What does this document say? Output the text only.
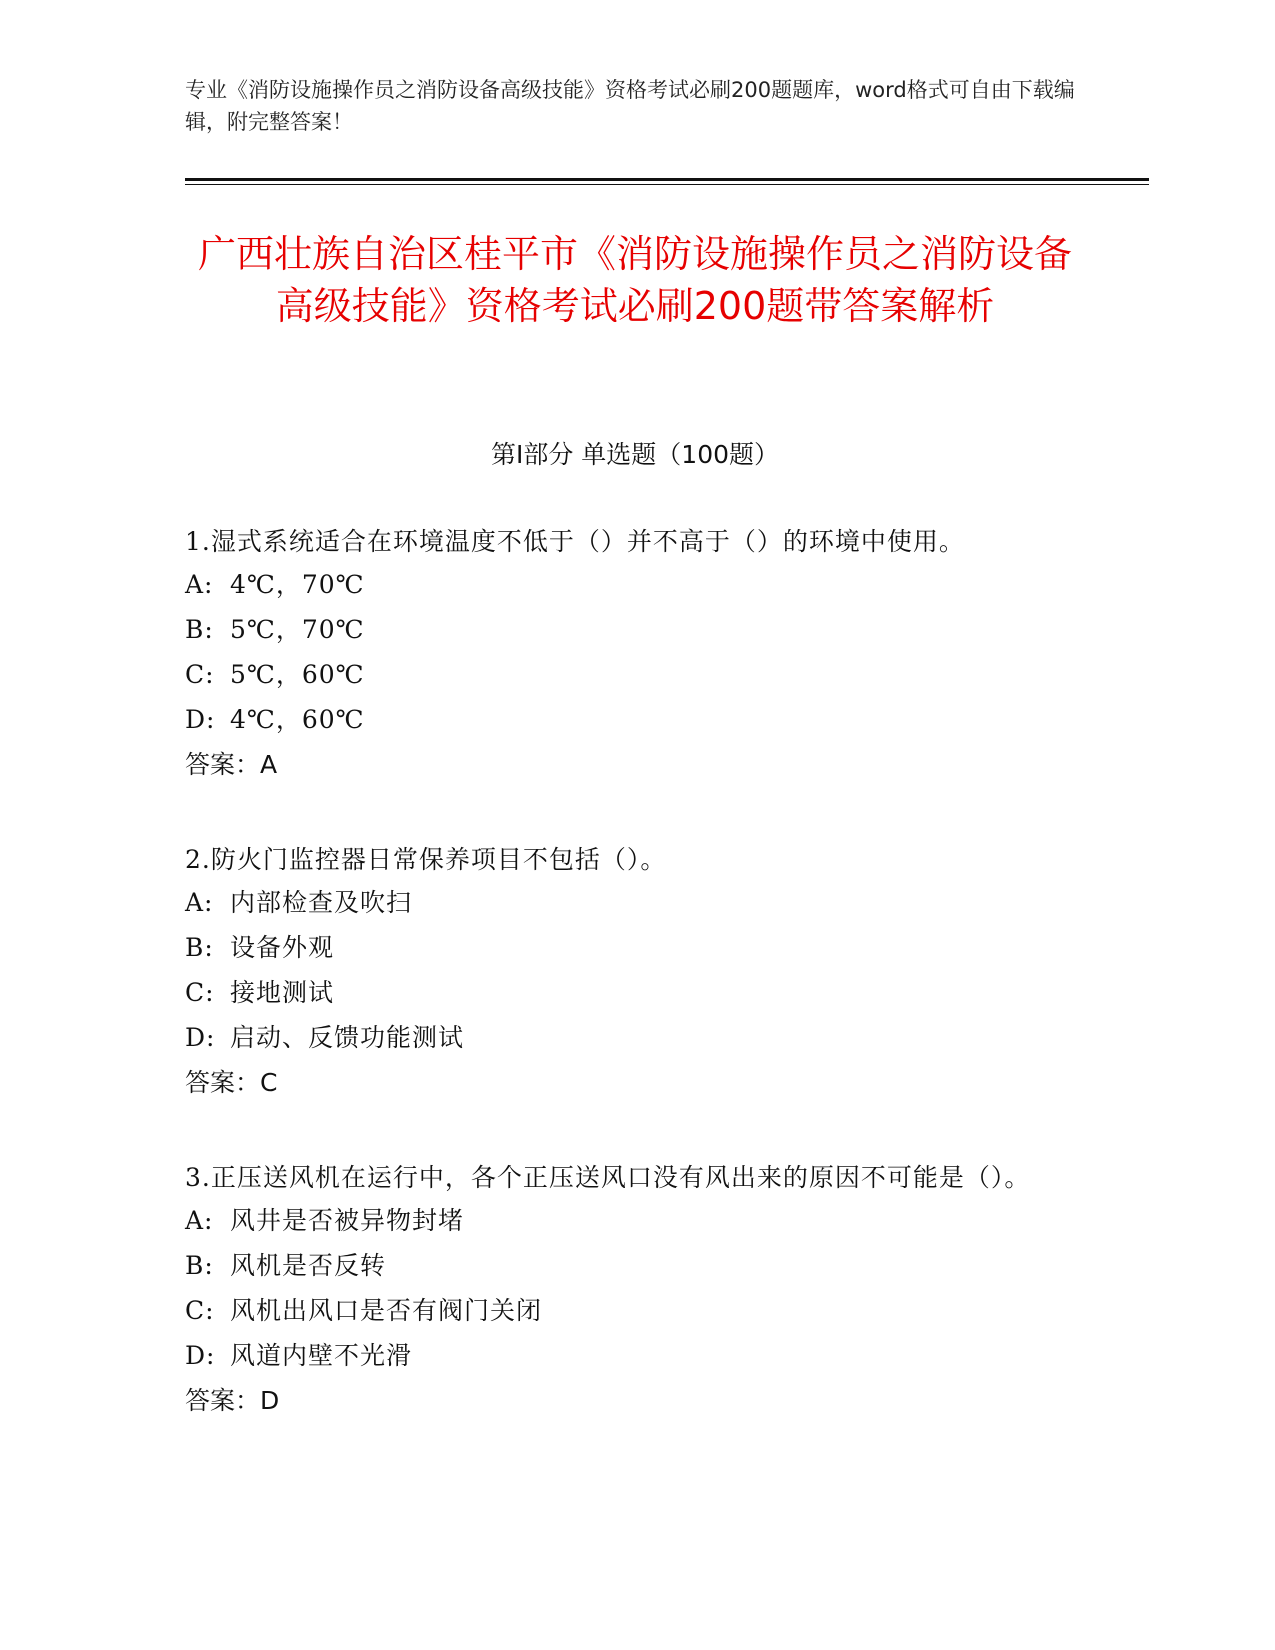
专业《消防设施操作员之消防设备高级技能》资格考试必刷200题题库，word格式可自由下载编辑，附完整答案！
广西壮族自治区桂平市《消防设施操作员之消防设备高级技能》资格考试必刷200题带答案解析
第Ⅰ部分 单选题（100题）
1.湿式系统适合在环境温度不低于（）并不高于（）的环境中使用。
A: 4℃，70℃
B: 5℃，70℃
C: 5℃，60℃
D: 4℃，60℃
答案：A
2.防火门监控器日常保养项目不包括（）。
A: 内部检查及吹扫
B: 设备外观
C: 接地测试
D: 启动、反馈功能测试
答案：C
3.正压送风机在运行中，各个正压送风口没有风出来的原因不可能是（）。
A: 风井是否被异物封堵
B: 风机是否反转
C: 风机出风口是否有阀门关闭
D: 风道内壁不光滑
答案：D
